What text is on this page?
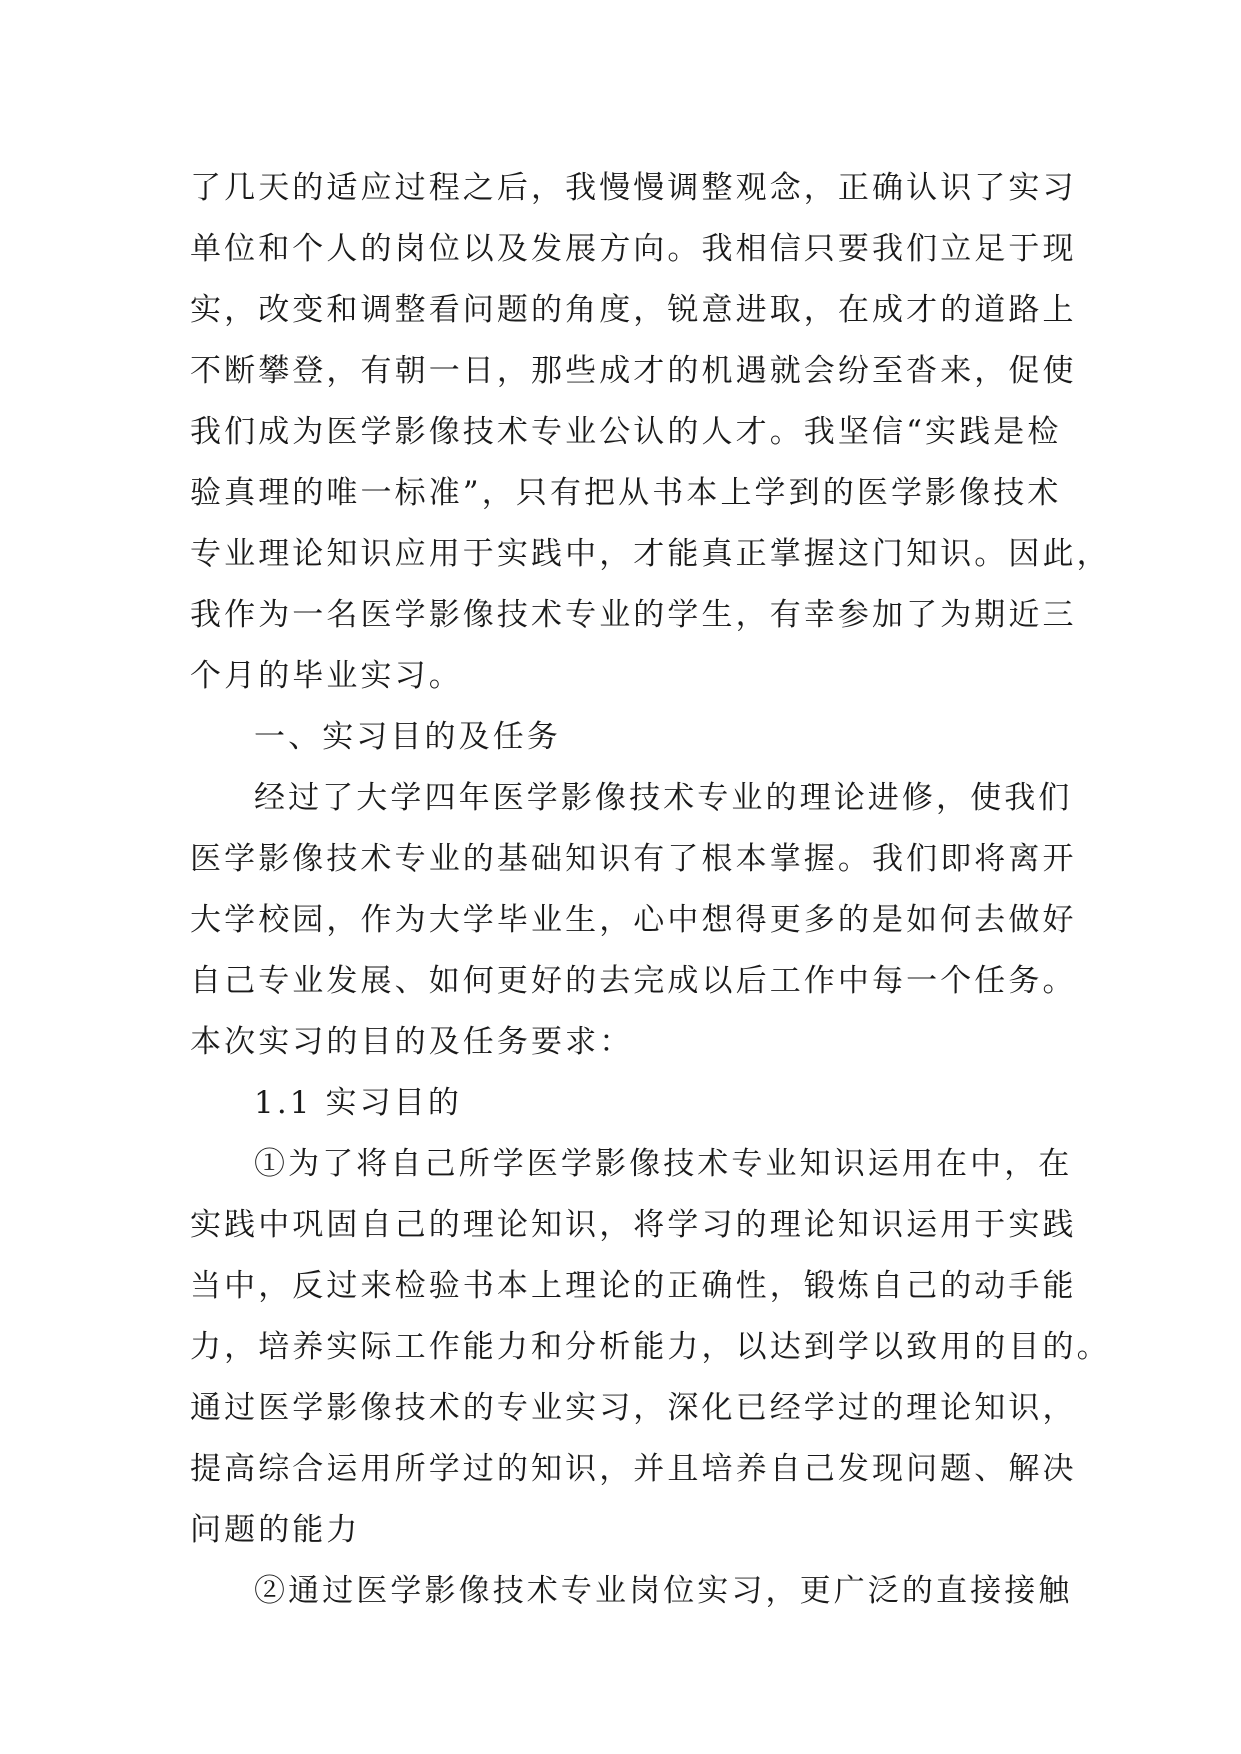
了几天的适应过程之后，我慢慢调整观念，正确认识了实习
单位和个人的岗位以及发展方向。我相信只要我们立足于现
实，改变和调整看问题的角度，锐意进取，在成才的道路上
不断攀登，有朝一日，那些成才的机遇就会纷至沓来，促使
我们成为医学影像技术专业公认的人才。我坚信“实践是检
验真理的唯一标准”，只有把从书本上学到的医学影像技术
专业理论知识应用于实践中，才能真正掌握这门知识。因此，
我作为一名医学影像技术专业的学生，有幸参加了为期近三
个月的毕业实习。
一、实习目的及任务
经过了大学四年医学影像技术专业的理论进修，使我们
医学影像技术专业的基础知识有了根本掌握。我们即将离开
大学校园，作为大学毕业生，心中想得更多的是如何去做好
自己专业发展、如何更好的去完成以后工作中每一个任务。
本次实习的目的及任务要求：
1.1 实习目的
①为了将自己所学医学影像技术专业知识运用在中，在
实践中巩固自己的理论知识，将学习的理论知识运用于实践
当中，反过来检验书本上理论的正确性，锻炼自己的动手能
力，培养实际工作能力和分析能力，以达到学以致用的目的。
通过医学影像技术的专业实习，深化已经学过的理论知识，
提高综合运用所学过的知识，并且培养自己发现问题、解决
问题的能力
②通过医学影像技术专业岗位实习，更广泛的直接接触
